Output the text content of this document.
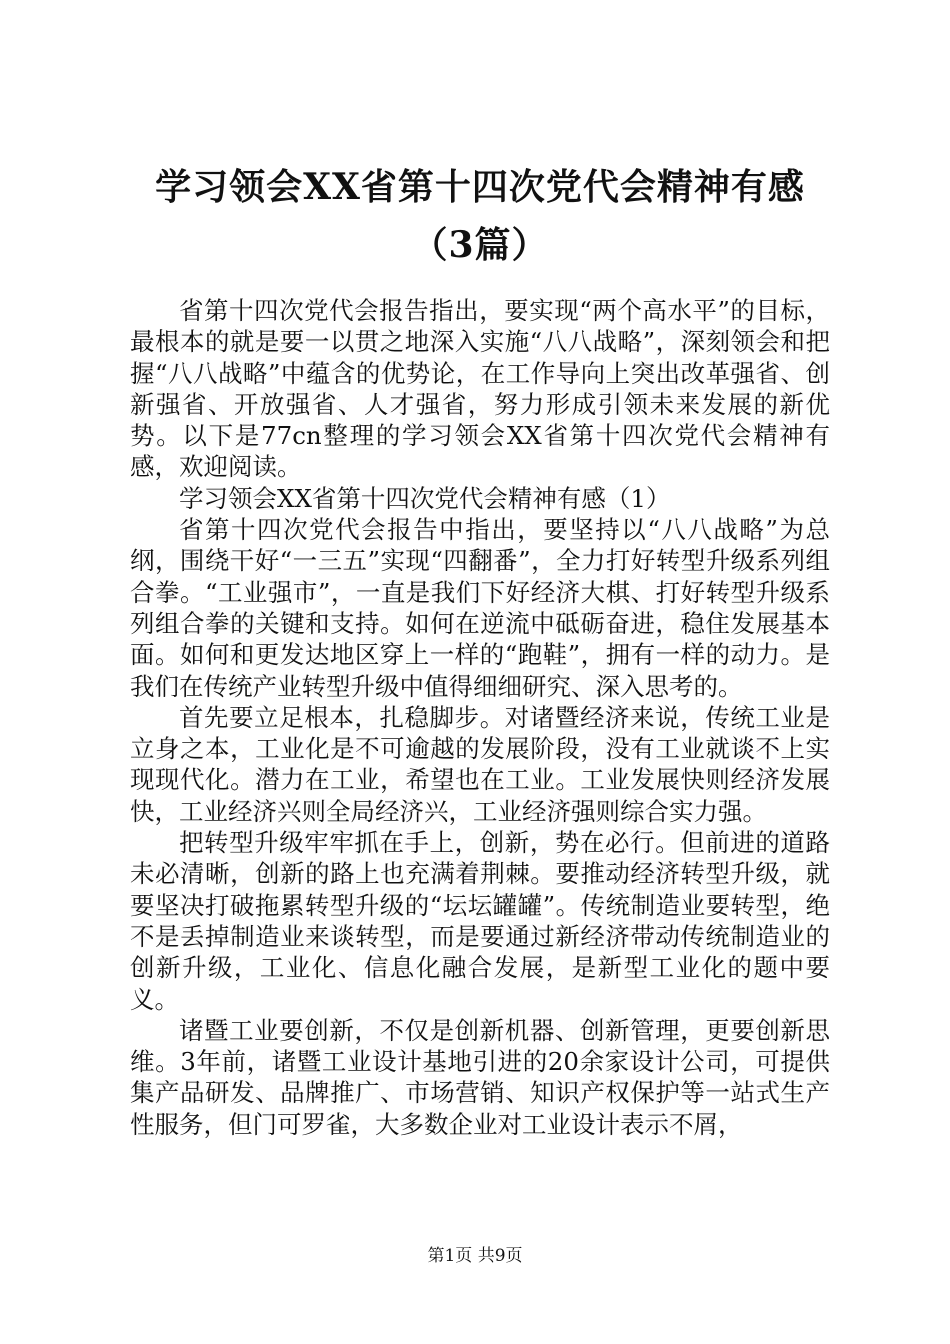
学习领会XX省第十四次党代会精神有感（3篇）

省第十四次党代会报告指出，要实现“两个高水平”的目标，最根本的就是要一以贯之地深入实施“八八战略”，深刻领会和把握“八八战略”中蕴含的优势论，在工作导向上突出改革强省、创新强省、开放强省、人才强省，努力形成引领未来发展的新优势。以下是77cn整理的学习领会XX省第十四次党代会精神有感，欢迎阅读。

学习领会XX省第十四次党代会精神有感（1）

省第十四次党代会报告中指出，要坚持以“八八战略”为总纲，围绕干好“一三五”实现“四翻番”，全力打好转型升级系列组合拳。“工业强市”，一直是我们下好经济大棋、打好转型升级系列组合拳的关键和支持。如何在逆流中砥砺奋进，稳住发展基本面。如何和更发达地区穿上一样的“跑鞋”，拥有一样的动力。是我们在传统产业转型升级中值得细细研究、深入思考的。

首先要立足根本，扎稳脚步。对诸暨经济来说，传统工业是立身之本，工业化是不可逾越的发展阶段，没有工业就谈不上实现现代化。潜力在工业，希望也在工业。工业发展快则经济发展快，工业经济兴则全局经济兴，工业经济强则综合实力强。

把转型升级牢牢抓在手上，创新，势在必行。但前进的道路未必清晰，创新的路上也充满着荆棘。要推动经济转型升级，就要坚决打破拖累转型升级的“坛坛罐罐”。传统制造业要转型，绝不是丢掉制造业来谈转型，而是要通过新经济带动传统制造业的创新升级，工业化、信息化融合发展，是新型工业化的题中要义。

诸暨工业要创新，不仅是创新机器、创新管理，更要创新思维。3年前，诸暨工业设计基地引进的20余家设计公司，可提供集产品研发、品牌推广、市场营销、知识产权保护等一站式生产性服务，但门可罗雀，大多数企业对工业设计表示不屑，

第1页 共9页
